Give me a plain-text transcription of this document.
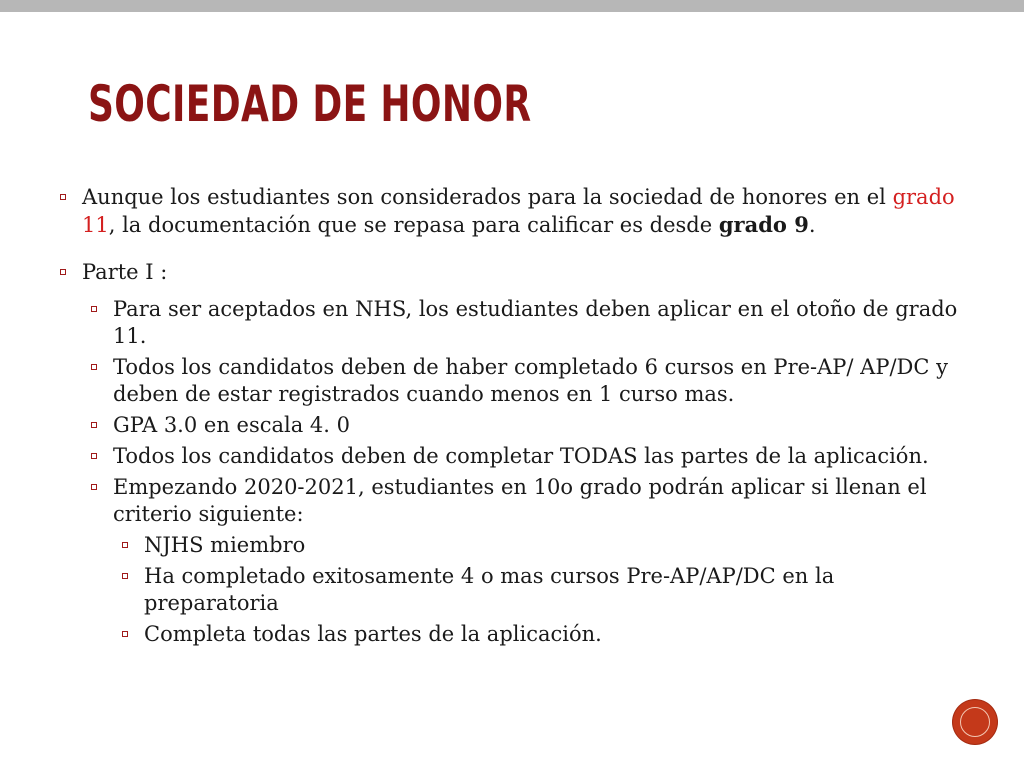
SOCIEDAD DE HONOR

Aunque los estudiantes son considerados para la sociedad de honores en el grado 11, la documentación que se repasa para calificar es desde grado 9.

Parte I :

Para ser aceptados en NHS, los estudiantes deben aplicar en el otoño de grado 11.

Todos los candidatos deben de haber completado 6 cursos en Pre-AP/ AP/DC y deben de estar registrados cuando menos en 1 curso mas.

GPA 3.0 en escala 4. 0

Todos los candidatos deben de completar TODAS las partes de la aplicación.

Empezando 2020-2021, estudiantes en 10o grado podrán aplicar si llenan el criterio siguiente:

NJHS miembro

Ha completado exitosamente 4 o mas cursos Pre-AP/AP/DC en la preparatoria

Completa todas las partes de la aplicación.
